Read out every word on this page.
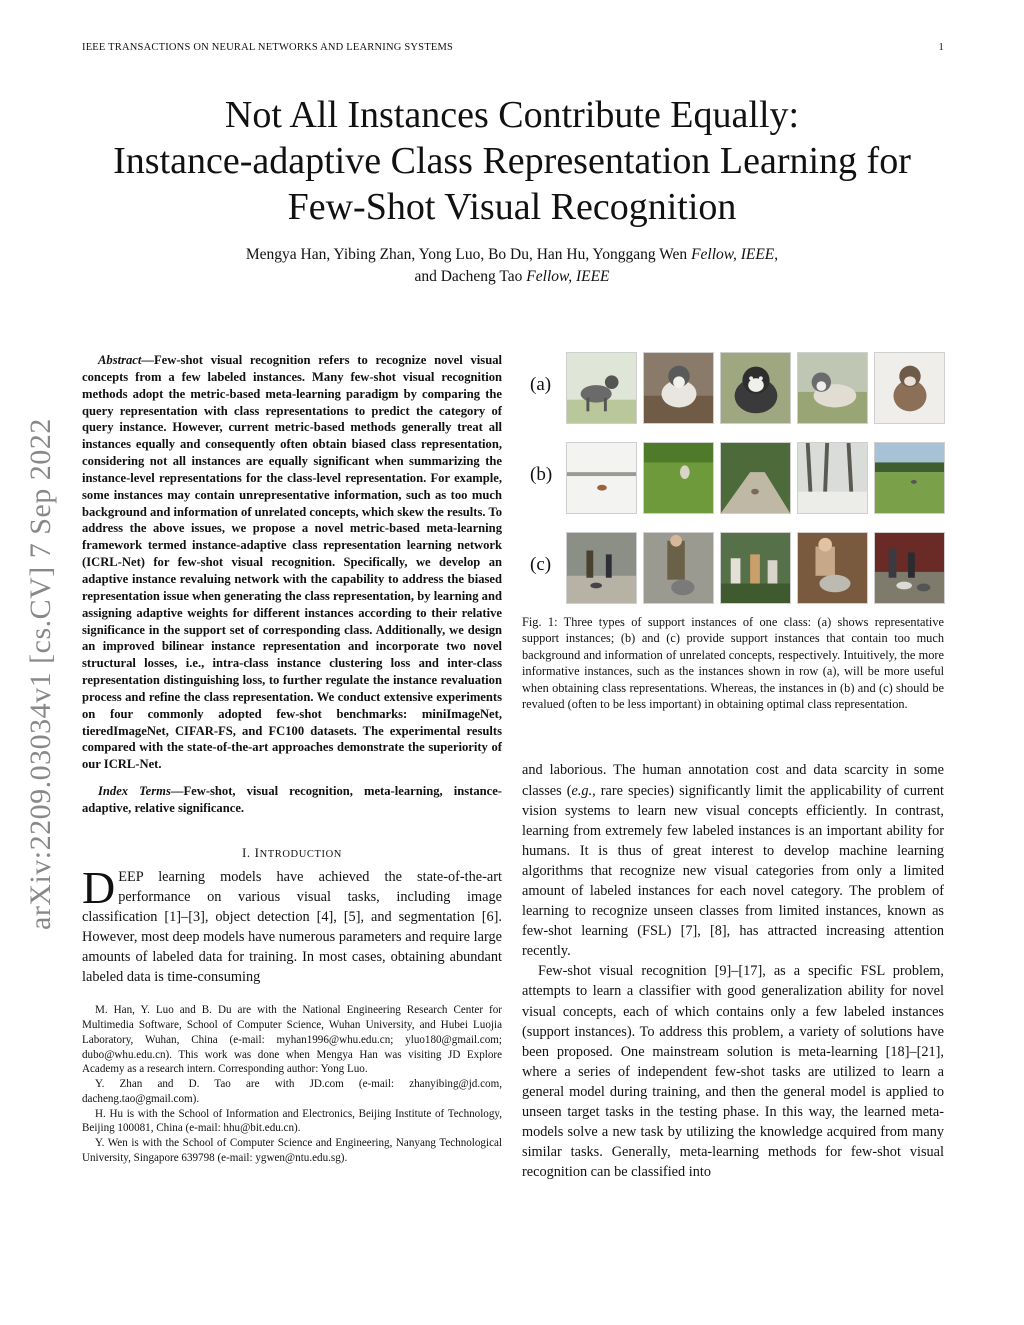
IEEE TRANSACTIONS ON NEURAL NETWORKS AND LEARNING SYSTEMS	1
Not All Instances Contribute Equally:
Instance-adaptive Class Representation Learning for
Few-Shot Visual Recognition
Mengya Han, Yibing Zhan, Yong Luo, Bo Du, Han Hu, Yonggang Wen Fellow, IEEE,
and Dacheng Tao Fellow, IEEE
arXiv:2209.03034v1 [cs.CV] 7 Sep 2022

Abstract—Few-shot visual recognition refers to recognize novel visual concepts from a few labeled instances. Many few-shot visual recognition methods adopt the metric-based meta-learning paradigm by comparing the query representation with class representations to predict the category of query instance. However, current metric-based methods generally treat all instances equally and consequently often obtain biased class representation, considering not all instances are equally significant when summarizing the instance-level representations for the class-level representation. For example, some instances may contain unrepresentative information, such as too much background and information of unrelated concepts, which skew the results. To address the above issues, we propose a novel metric-based meta-learning framework termed instance-adaptive class representation learning network (ICRL-Net) for few-shot visual recognition. Specifically, we develop an adaptive instance revaluing network with the capability to address the biased representation issue when generating the class representation, by learning and assigning adaptive weights for different instances according to their relative significance in the support set of corresponding class. Additionally, we design an improved bilinear instance representation and incorporate two novel structural losses, i.e., intra-class instance clustering loss and inter-class representation distinguishing loss, to further regulate the instance revaluation process and refine the class representation. We conduct extensive experiments on four commonly adopted few-shot benchmarks: miniImageNet, tieredImageNet, CIFAR-FS, and FC100 datasets. The experimental results compared with the state-of-the-art approaches demonstrate the superiority of our ICRL-Net.

Index Terms—Few-shot, visual recognition, meta-learning, instance-adaptive, relative significance.

I. INTRODUCTION
DEEP learning models have achieved the state-of-the-art performance on various visual tasks, including image classification [1]–[3], object detection [4], [5], and segmentation [6]. However, most deep models have numerous parameters and require large amounts of labeled data for training. In most cases, obtaining abundant labeled data is time-consuming

M. Han, Y. Luo and B. Du are with the National Engineering Research Center for Multimedia Software, School of Computer Science, Wuhan University, and Hubei Luojia Laboratory, Wuhan, China (e-mail: myhan1996@whu.edu.cn; yluo180@gmail.com; dubo@whu.edu.cn). This work was done when Mengya Han was visiting JD Explore Academy as a research intern. Corresponding author: Yong Luo.

Y. Zhan and D. Tao are with JD.com (e-mail: zhanyibing@jd.com, dacheng.tao@gmail.com).

H. Hu is with the School of Information and Electronics, Beijing Institute of Technology, Beijing 100081, China (e-mail: hhu@bit.edu.cn).

Y. Wen is with the School of Computer Science and Engineering, Nanyang Technological University, Singapore 639798 (e-mail: ygwen@ntu.edu.sg).

(a)
(b)
(c)

Fig. 1: Three types of support instances of one class: (a) shows representative support instances; (b) and (c) provide support instances that contain too much background and information of unrelated concepts, respectively. Intuitively, the more informative instances, such as the instances shown in row (a), will be more useful when obtaining class representations. Whereas, the instances in (b) and (c) should be revalued (often to be less important) in obtaining optimal class representation.

and laborious. The human annotation cost and data scarcity in some classes (e.g., rare species) significantly limit the applicability of current vision systems to learn new visual concepts efficiently. In contrast, learning from extremely few labeled instances is an important ability for humans. It is thus of great interest to develop machine learning algorithms that recognize new visual categories from only a limited amount of labeled instances for each novel category. The problem of learning to recognize unseen classes from limited instances, known as few-shot learning (FSL) [7], [8], has attracted increasing attention recently.

Few-shot visual recognition [9]–[17], as a specific FSL problem, attempts to learn a classifier with good generalization ability for novel visual concepts, each of which contains only a few labeled instances (support instances). To address this problem, a variety of solutions have been proposed. One mainstream solution is meta-learning [18]–[21], where a series of independent few-shot tasks are utilized to learn a general model during training, and then the general model is applied to unseen target tasks in the testing phase. In this way, the learned meta-models solve a new task by utilizing the knowledge acquired from many similar tasks. Generally, meta-learning methods for few-shot visual recognition can be classified into
